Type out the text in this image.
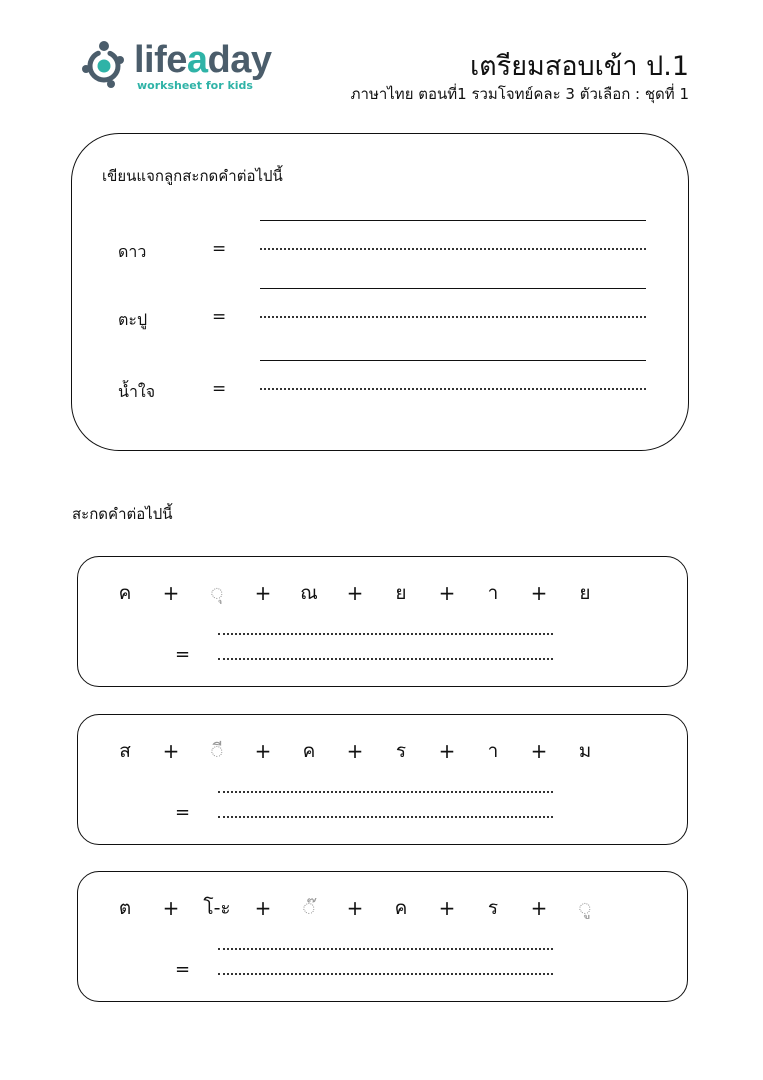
lifeaday
worksheet for kids
เตรียมสอบเข้า ป.1
ภาษาไทย ตอนที่1 รวมโจทย์คละ 3 ตัวเลือก : ชุดที่ 1
เขียนแจกลูกสะกดคำต่อไปนี้
ดาว	=
ตะปู	=
น้ำใจ	=
สะกดคำต่อไปนี้
ค	+	◌ุ	+	ณ	+	ย	+	า	+	ย
=
ส	+	◌ี	+	ค	+	ร	+	า	+	ม
=
ต	+	โ-ะ	+	◌๊	+	ค	+	ร	+	◌ู
=
